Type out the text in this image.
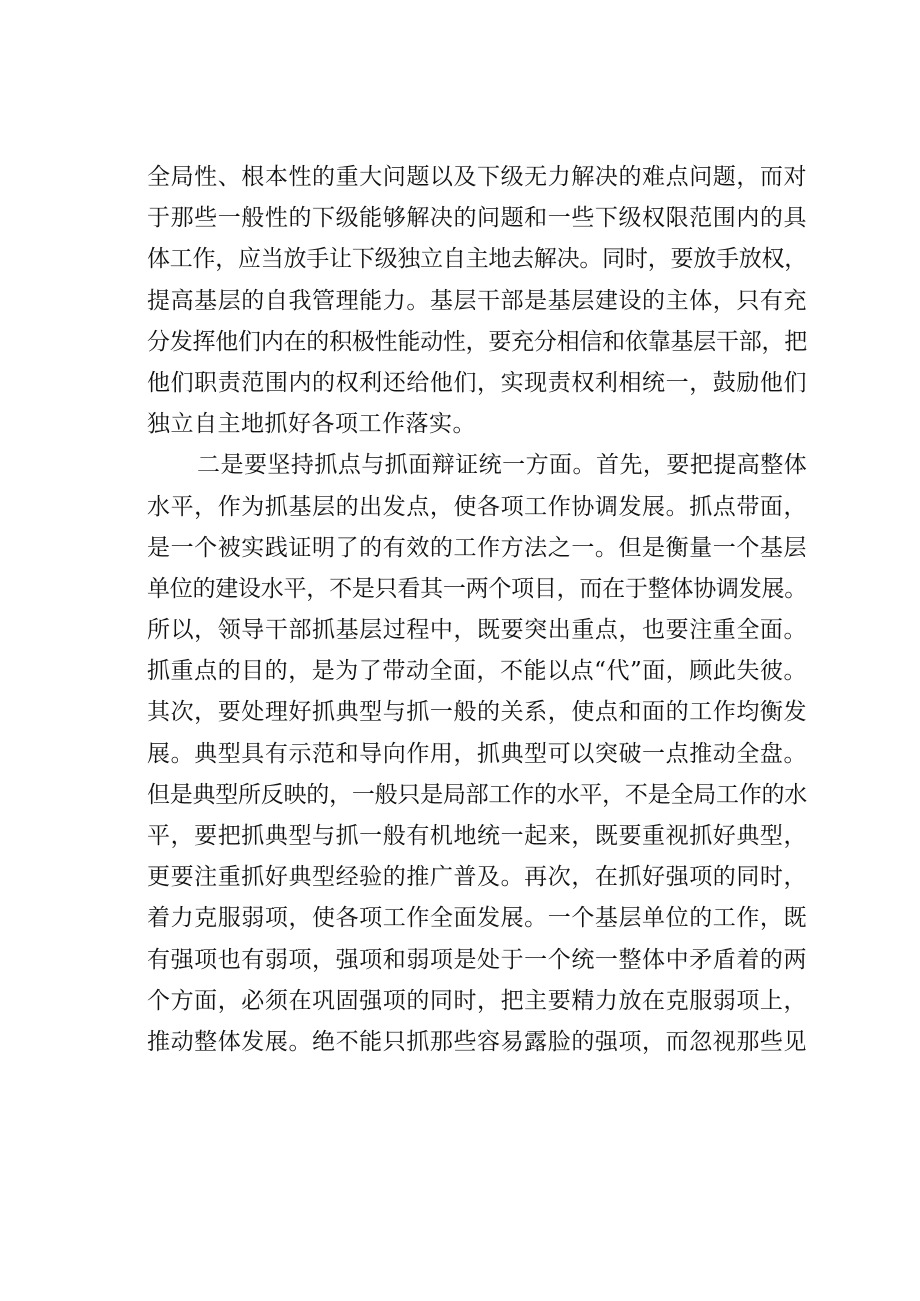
全局性、根本性的重大问题以及下级无力解决的难点问题，而对
于那些一般性的下级能够解决的问题和一些下级权限范围内的具
体工作，应当放手让下级独立自主地去解决。同时，要放手放权，
提高基层的自我管理能力。基层干部是基层建设的主体，只有充
分发挥他们内在的积极性能动性，要充分相信和依靠基层干部，把
他们职责范围内的权利还给他们，实现责权利相统一，鼓励他们
独立自主地抓好各项工作落实。
二是要坚持抓点与抓面辩证统一方面。首先，要把提高整体
水平，作为抓基层的出发点，使各项工作协调发展。抓点带面，
是一个被实践证明了的有效的工作方法之一。但是衡量一个基层
单位的建设水平，不是只看其一两个项目，而在于整体协调发展。
所以，领导干部抓基层过程中，既要突出重点，也要注重全面。
抓重点的目的，是为了带动全面，不能以点“代”面，顾此失彼。
其次，要处理好抓典型与抓一般的关系，使点和面的工作均衡发
展。典型具有示范和导向作用，抓典型可以突破一点推动全盘。
但是典型所反映的，一般只是局部工作的水平，不是全局工作的水
平，要把抓典型与抓一般有机地统一起来，既要重视抓好典型，
更要注重抓好典型经验的推广普及。再次，在抓好强项的同时，
着力克服弱项，使各项工作全面发展。一个基层单位的工作，既
有强项也有弱项，强项和弱项是处于一个统一整体中矛盾着的两
个方面，必须在巩固强项的同时，把主要精力放在克服弱项上，
推动整体发展。绝不能只抓那些容易露脸的强项，而忽视那些见
